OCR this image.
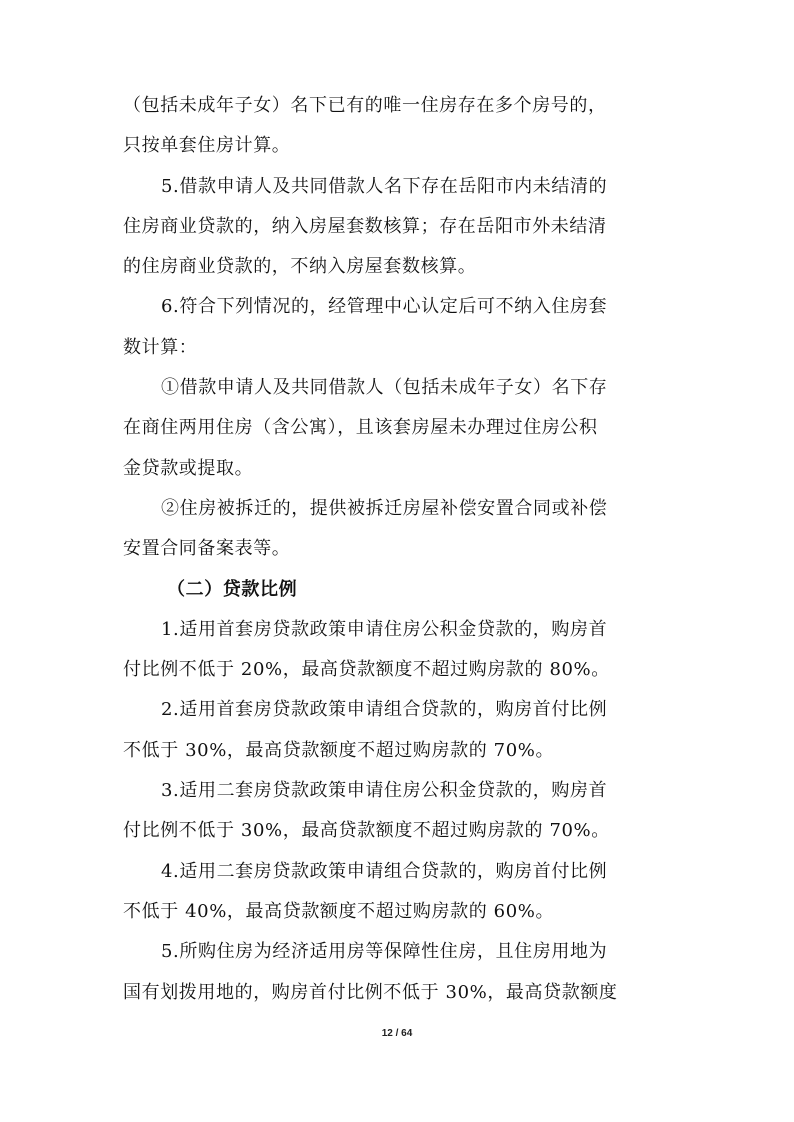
（包括未成年子女）名下已有的唯一住房存在多个房号的，
只按单套住房计算。
5.借款申请人及共同借款人名下存在岳阳市内未结清的
住房商业贷款的，纳入房屋套数核算；存在岳阳市外未结清
的住房商业贷款的，不纳入房屋套数核算。
6.符合下列情况的，经管理中心认定后可不纳入住房套
数计算：
①借款申请人及共同借款人（包括未成年子女）名下存
在商住两用住房（含公寓），且该套房屋未办理过住房公积
金贷款或提取。
②住房被拆迁的，提供被拆迁房屋补偿安置合同或补偿
安置合同备案表等。
（二）贷款比例
1.适用首套房贷款政策申请住房公积金贷款的，购房首
付比例不低于 20%，最高贷款额度不超过购房款的 80%。
2.适用首套房贷款政策申请组合贷款的，购房首付比例
不低于 30%，最高贷款额度不超过购房款的 70%。
3.适用二套房贷款政策申请住房公积金贷款的，购房首
付比例不低于 30%，最高贷款额度不超过购房款的 70%。
4.适用二套房贷款政策申请组合贷款的，购房首付比例
不低于 40%，最高贷款额度不超过购房款的 60%。
5.所购住房为经济适用房等保障性住房，且住房用地为
国有划拨用地的，购房首付比例不低于 30%，最高贷款额度
12 / 64
